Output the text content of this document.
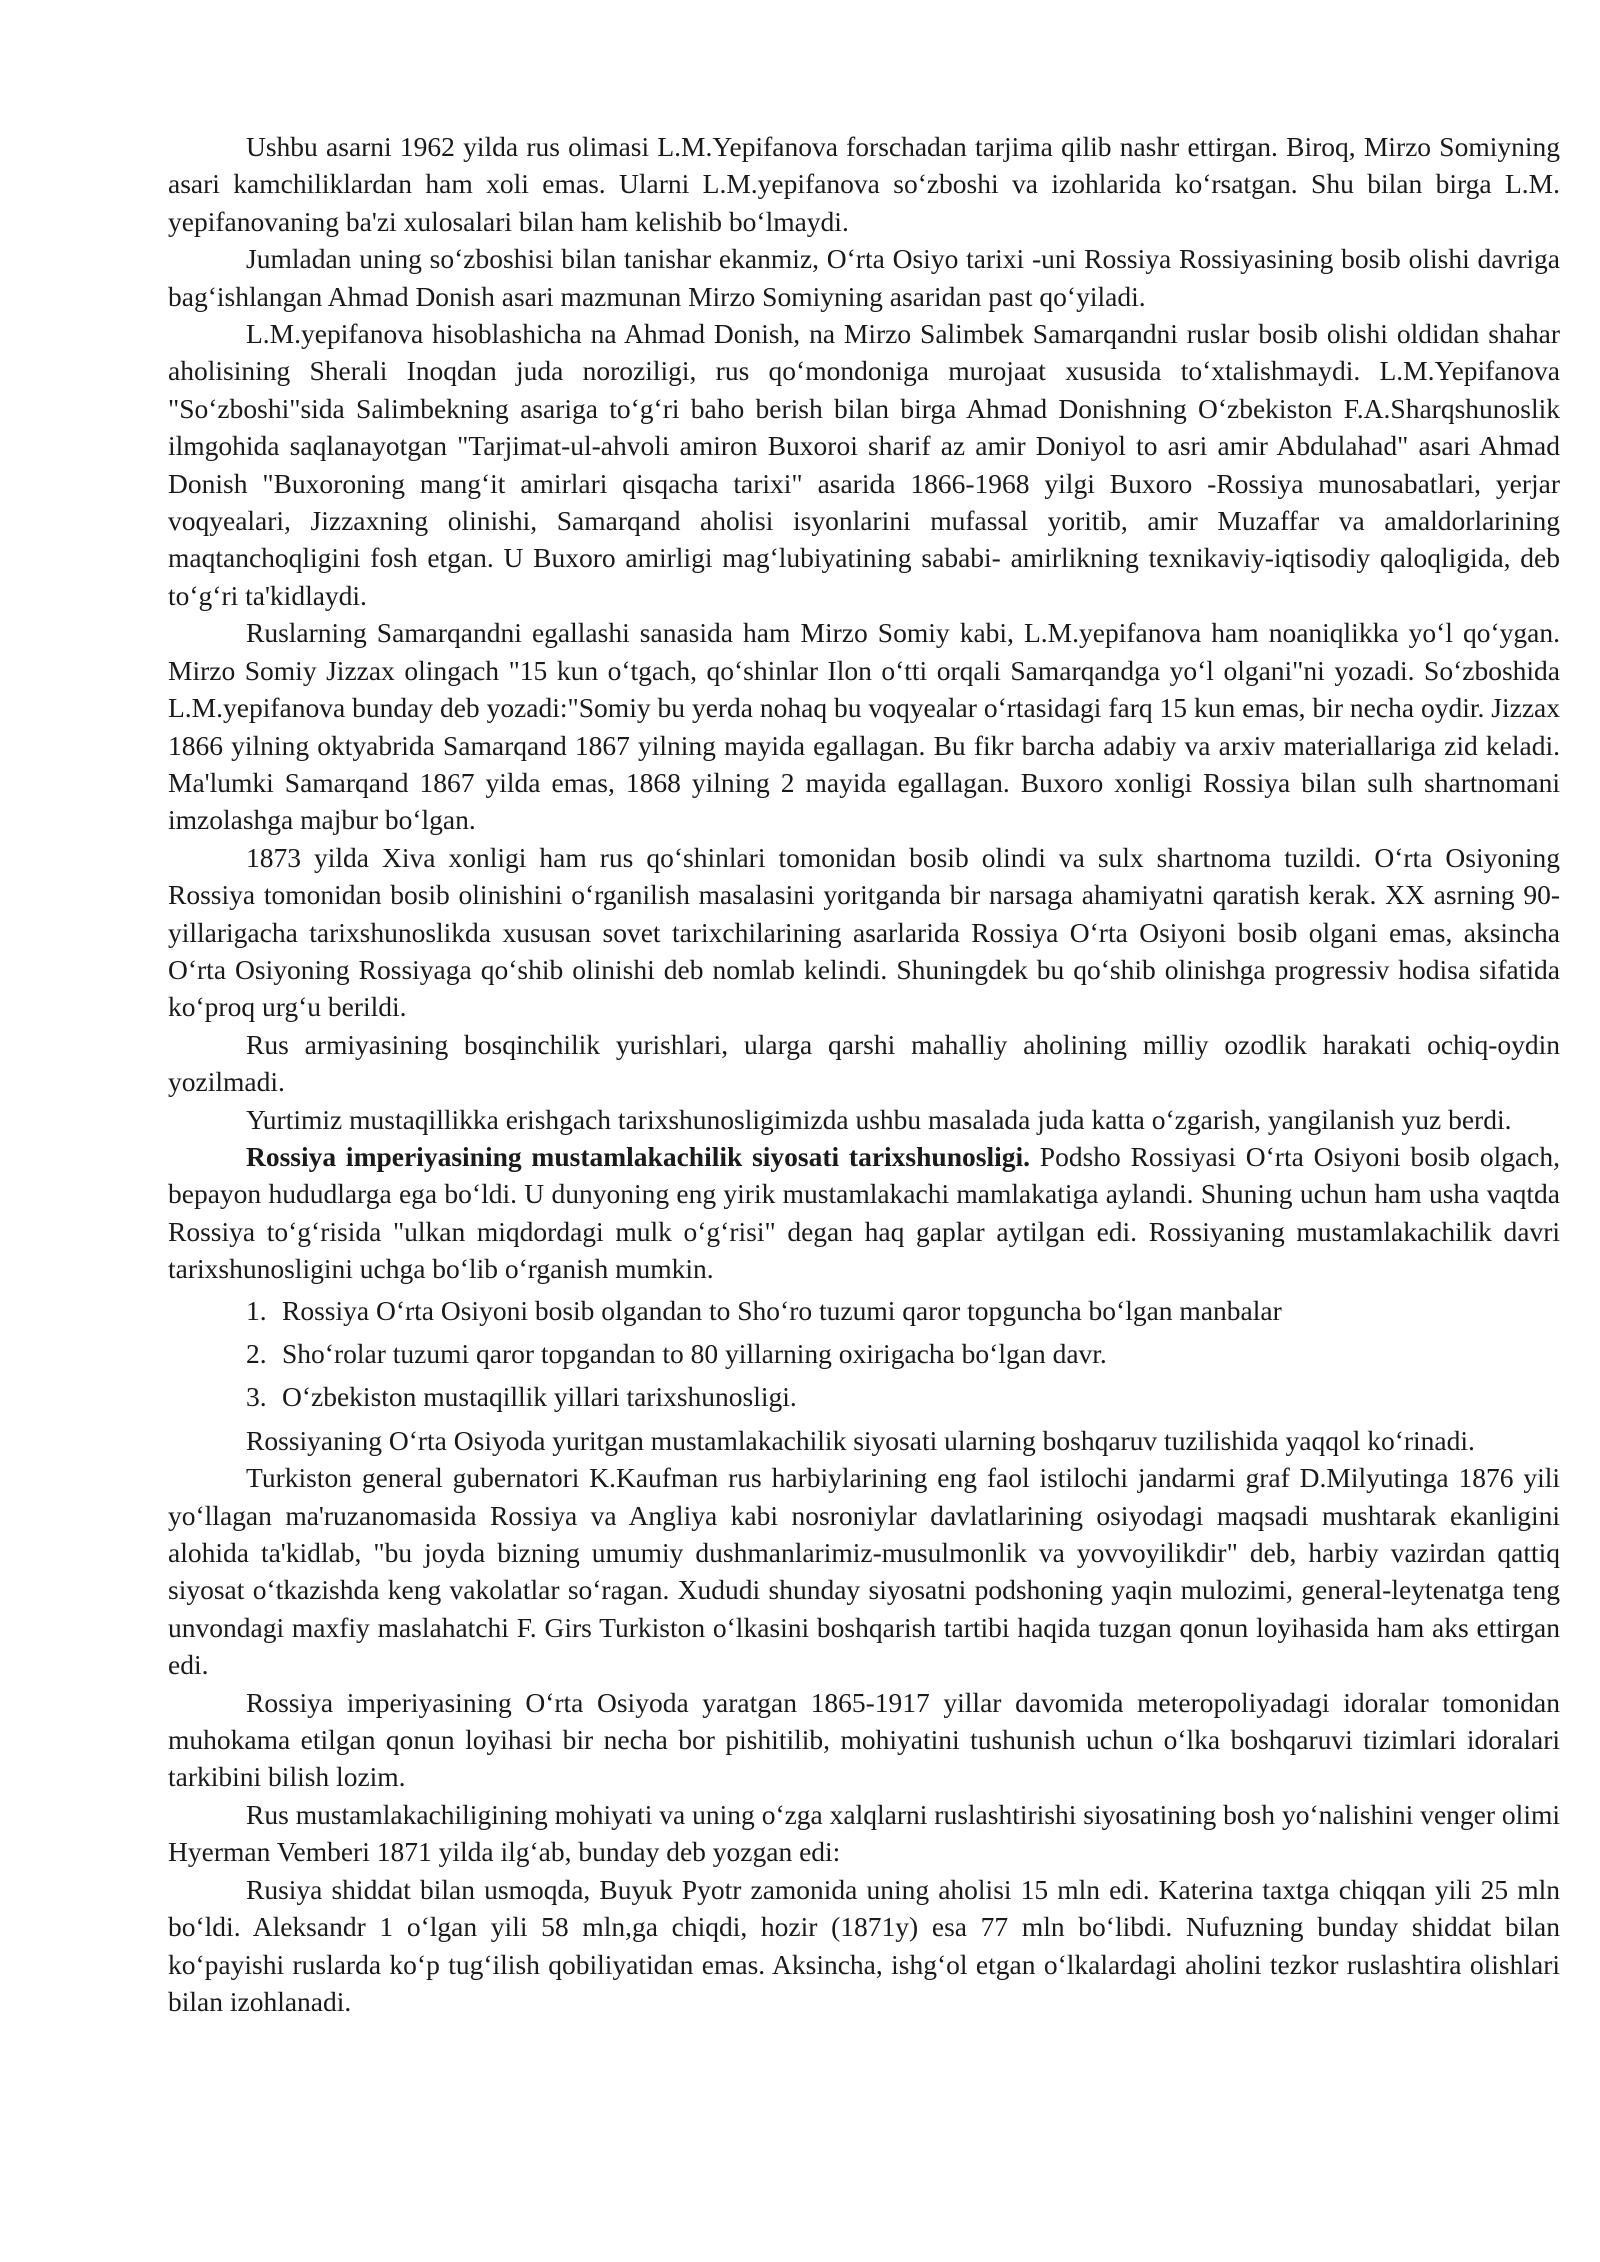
Ushbu asarni 1962 yilda rus olimasi L.M.Yepifanova forschadan tarjima qilib nashr ettirgan. Biroq, Mirzo Somiyning asari kamchiliklardan ham xoli emas. Ularni L.M.yepifanova so‘zboshi va izohlarida ko‘rsatgan. Shu bilan birga L.M. yepifanovaning ba'zi xulosalari bilan ham kelishib bo‘lmaydi.

Jumladan uning so‘zboshisi bilan tanishar ekanmiz, O‘rta Osiyo tarixi -uni Rossiya Rossiyasining bosib olishi davriga bag‘ishlangan Ahmad Donish asari mazmunan Mirzo Somiyning asaridan past qo‘yiladi.

L.M.yepifanova hisoblashicha na Ahmad Donish, na Mirzo Salimbek Samarqandni ruslar bosib olishi oldidan shahar aholisining Sherali Inoqdan juda noroziligi, rus qo‘mondoniga murojaat xususida to‘xtalishmaydi. L.M.Yepifanova "So‘zboshi"sida Salimbekning asariga to‘g‘ri baho berish bilan birga Ahmad Donishning O‘zbekiston F.A.Sharqshunoslik ilmgohida saqlanayotgan "Tarjimat-ul-ahvoli amiron Buxoroi sharif az amir Doniyol to asri amir Abdulahad" asari Ahmad Donish "Buxoroning mang‘it amirlari qisqacha tarixi" asarida 1866-1968 yilgi Buxoro -Rossiya munosabatlari, yerjar voqyealari, Jizzaxning olinishi, Samarqand aholisi isyonlarini mufassal yoritib, amir Muzaffar va amaldorlarining maqtanchoqligini fosh etgan. U Buxoro amirligi mag‘lubiyatining sababi- amirlikning texnikaviy-iqtisodiy qaloqligida, deb to‘g‘ri ta'kidlaydi.

Ruslarning Samarqandni egallashi sanasida ham Mirzo Somiy kabi, L.M.yepifanova ham noaniqlikka yo‘l qo‘ygan. Mirzo Somiy Jizzax olingach "15 kun o‘tgach, qo‘shinlar Ilon o‘tti orqali Samarqandga yo‘l olgani"ni yozadi. So‘zboshida L.M.yepifanova bunday deb yozadi:"Somiy bu yerda nohaq bu voqyealar o‘rtasidagi farq 15 kun emas, bir necha oydir. Jizzax 1866 yilning oktyabrida Samarqand 1867 yilning mayida egallagan. Bu fikr barcha adabiy va arxiv materiallariga zid keladi. Ma'lumki Samarqand 1867 yilda emas, 1868 yilning 2 mayida egallagan. Buxoro xonligi Rossiya bilan sulh shartnomani imzolashga majbur bo‘lgan.

1873 yilda Xiva xonligi ham rus qo‘shinlari tomonidan bosib olindi va sulx shartnoma tuzildi. O‘rta Osiyoning Rossiya tomonidan bosib olinishini o‘rganilish masalasini yoritganda bir narsaga ahamiyatni qaratish kerak. XX asrning 90- yillarigacha tarixshunoslikda xususan sovet tarixchilarining asarlarida Rossiya O‘rta Osiyoni bosib olgani emas, aksincha O‘rta Osiyoning Rossiyaga qo‘shib olinishi deb nomlab kelindi. Shuningdek bu qo‘shib olinishga progressiv hodisa sifatida ko‘proq urg‘u berildi.

Rus armiyasining bosqinchilik yurishlari, ularga qarshi mahalliy aholining milliy ozodlik harakati ochiq-oydin yozilmadi.

Yurtimiz mustaqillikka erishgach tarixshunosligimizda ushbu masalada juda katta o‘zgarish, yangilanish yuz berdi.

Rossiya imperiyasining mustamlakachilik siyosati tarixshunosligi. Podsho Rossiyasi O‘rta Osiyoni bosib olgach, bepayon hududlarga ega bo‘ldi. U dunyoning eng yirik mustamlakachi mamlakatiga aylandi. Shuning uchun ham usha vaqtda Rossiya to‘g‘risida "ulkan miqdordagi mulk o‘g‘risi" degan haq gaplar aytilgan edi. Rossiyaning mustamlakachilik davri tarixshunosligini uchga bo‘lib o‘rganish mumkin.

1. Rossiya O‘rta Osiyoni bosib olgandan to Sho‘ro tuzumi qaror topguncha bo‘lgan manbalar
2. Sho‘rolar tuzumi qaror topgandan to 80 yillarning oxirigacha bo‘lgan davr.
3. O‘zbekiston mustaqillik yillari tarixshunosligi.

Rossiyaning O‘rta Osiyoda yuritgan mustamlakachilik siyosati ularning boshqaruv tuzilishida yaqqol ko‘rinadi.

Turkiston general gubernatori K.Kaufman rus harbiylarining eng faol istilochi jandarmi graf D.Milyutinga 1876 yili yo‘llagan ma'ruzanomasida Rossiya va Angliya kabi nosroniylar davlatlarining osiyodagi maqsadi mushtarak ekanligini alohida ta'kidlab, "bu joyda bizning umumiy dushmanlarimiz-musulmonlik va yovvoyilikdir" deb, harbiy vazirdan qattiq siyosat o‘tkazishda keng vakolatlar so‘ragan. Xududi shunday siyosatni podshoning yaqin mulozimi, general-leytenatga teng unvondagi maxfiy maslahatchi F. Girs Turkiston o‘lkasini boshqarish tartibi haqida tuzgan qonun loyihasida ham aks ettirgan edi.

Rossiya imperiyasining O‘rta Osiyoda yaratgan 1865-1917 yillar davomida meteropoliyadagi idoralar tomonidan muhokama etilgan qonun loyihasi bir necha bor pishitilib, mohiyatini tushunish uchun o‘lka boshqaruvi tizimlari idoralari tarkibini bilish lozim.

Rus mustamlakachiligining mohiyati va uning o‘zga xalqlarni ruslashtirishi siyosatining bosh yo‘nalishini venger olimi Hyerman Vemberi 1871 yilda ilg‘ab, bunday deb yozgan edi:

Rusiya shiddat bilan usmoqda, Buyuk Pyotr zamonida uning aholisi 15 mln edi. Katerina taxtga chiqqan yili 25 mln bo‘ldi. Aleksandr 1 o‘lgan yili 58 mln,ga chiqdi, hozir (1871y) esa 77 mln bo‘libdi. Nufuzning bunday shiddat bilan ko‘payishi ruslarda ko‘p tug‘ilish qobiliyatidan emas. Aksincha, ishg‘ol etgan o‘lkalardagi aholini tezkor ruslashtira olishlari bilan izohlanadi.
